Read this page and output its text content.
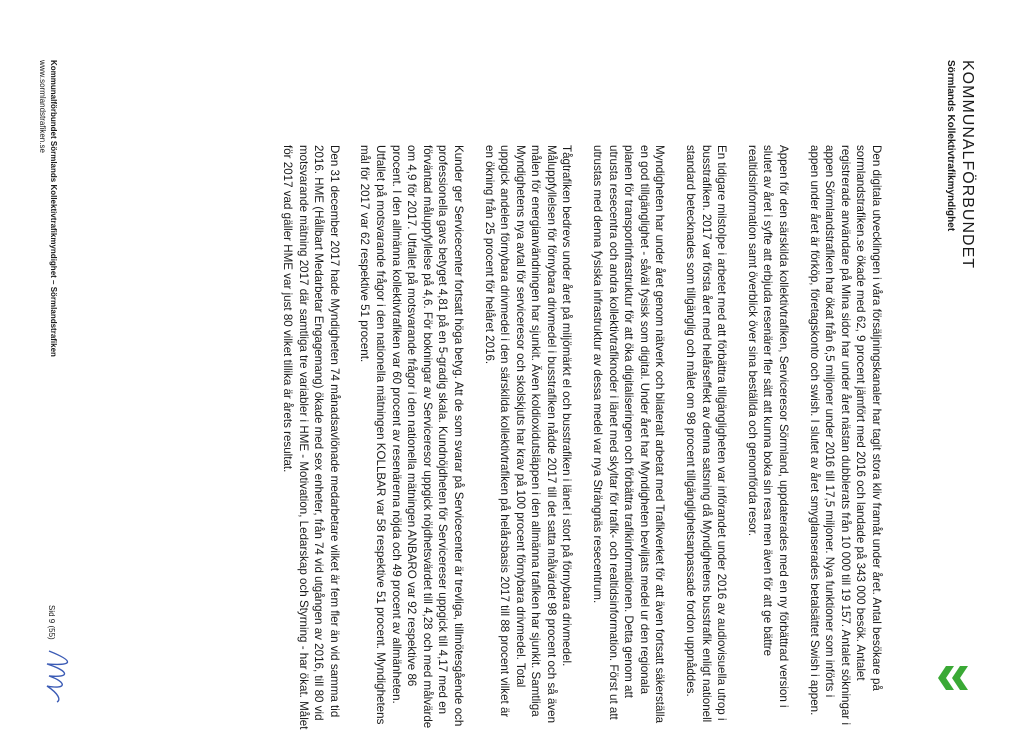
KOMMUNALFÖRBUNDET
Sörmlands Kollektivtrafikmyndighet

Den digitala utvecklingen i våra försäljningskanaler har tagit stora kliv framåt under året. Antal besökare på sormlandstrafiken.se ökade med 62, 9 procent jämfört med 2016 och landade på 343 000 besök. Antalet registrerade användare på Mina sidor har under året nästan dubblerats från 10 000 till 19 157. Antalet sökningar i appen Sörmlandstrafiken har ökat från 6,5 miljoner under 2016 till 17,5 miljoner. Nya funktioner som införts i appen under året är förköp, företagskonto och swish. I slutet av året smyglanserades betalsättet Swish i appen.

Appen för den särskilda kollektivtrafiken, Serviceresor Sörmland, uppdaterades med en ny förbättrad version i slutet av året i syfte att erbjuda resenärer fler sätt att kunna boka sin resa men även för att ge bättre realtidsinformation samt överblick över sina beställda och genomförda resor.

En tidigare milstolpe i arbetet med att förbättra tillgängligheten var införandet under 2016 av audiovisuella utrop i busstrafiken. 2017 var första året med helårseffekt av denna satsning då Myndighetens busstrafik enligt nationell standard betecknades som tillgänglig och målet om 98 procent tillgänglighetsanpassade fordon uppnåddes.

Myndigheten har under året genom nätverk och bilateralt arbetat med Trafikverket för att även fortsatt säkerställa en god tillgänglighet - såväl fysisk som digital. Under året har Myndigheten beviljats medel ur den regionala planen för transportinfrastruktur för att öka digitaliseringen och förbättra trafikinformationen. Detta genom att utrusta resecentra och andra kollektivtrafiknoder i länet med skyltar för trafik- och realtidsinformation. Först ut att utrustas med denna fysiska infrastruktur av dessa medel var nya Strängnäs resecentrum.

Tågtrafiken bedrevs under året på miljömärkt el och busstrafiken i länet i stort på förnybara drivmedel. Måluppfyllelsen för förnybara drivmedel i busstrafiken nådde 2017 till det satta målvärdet 98 procent och så även målen för energianvändningen har sjunkit. Även koldioxidutsläppen i den allmänna trafiken har sjunkit. Samtliga Myndighetens nya avtal för serviceresor och skolskjuts har krav på 100 procent förnybara drivmedel. Total uppgick andelen förnybara drivmedel i den särskilda kollektivtrafiken på helårsbasis 2017 till 88 procent vilket är en ökning från 25 procent för helåret 2016.

Kunder ger Servicecenter fortsatt höga betyg. Att de som svarar på Servicecenter är trevliga, tillmötesgående och professionella gavs betyget 4,81 på en 5-gradig skala. Kundnöjdheten för Servicereser uppgick till 4,17 med en förväntad måluppfyllelse på 4,6. För bokningar av Serviceresor uppgick nöjdhetsvärdet till 4,28 och med målvärde om 4,9 för 2017. Utfallet på motsvarande frågor i den nationella mätningen ANBARO var 92 respektive 86 procent. I den allmänna kollektivtrafiken var 60 procent av resenärerna nöjda och 49 procent av allmänheten. Utfallet på motsvarande frågor i den nationella mätningen KOLLBAR var 58 respektive 51 procent. Myndighetens mål för 2017 var 62 respektive 51 procent.

Den 31 december 2017 hade Myndigheten 74 månadsavlönade medarbetare vilket är fem fler än vid samma tid 2016. HME (Hållbart Medarbetar Engagemang) ökade med sex enheter, från 74 vid utgången av 2016, till 80 vid motsvarande mätning 2017 där samtliga tre variabler i HME - Motivation, Ledarskap och Styrning - har ökat. Målet för 2017 vad gäller HME var just 80 vilket tillika är årets resultat.

Kommunalförbundet Sörmlands Kollektivtrafikmyndighet – Sörmlandstrafiken
www.sormlandstrafiken.se
Sid 9 (55)
